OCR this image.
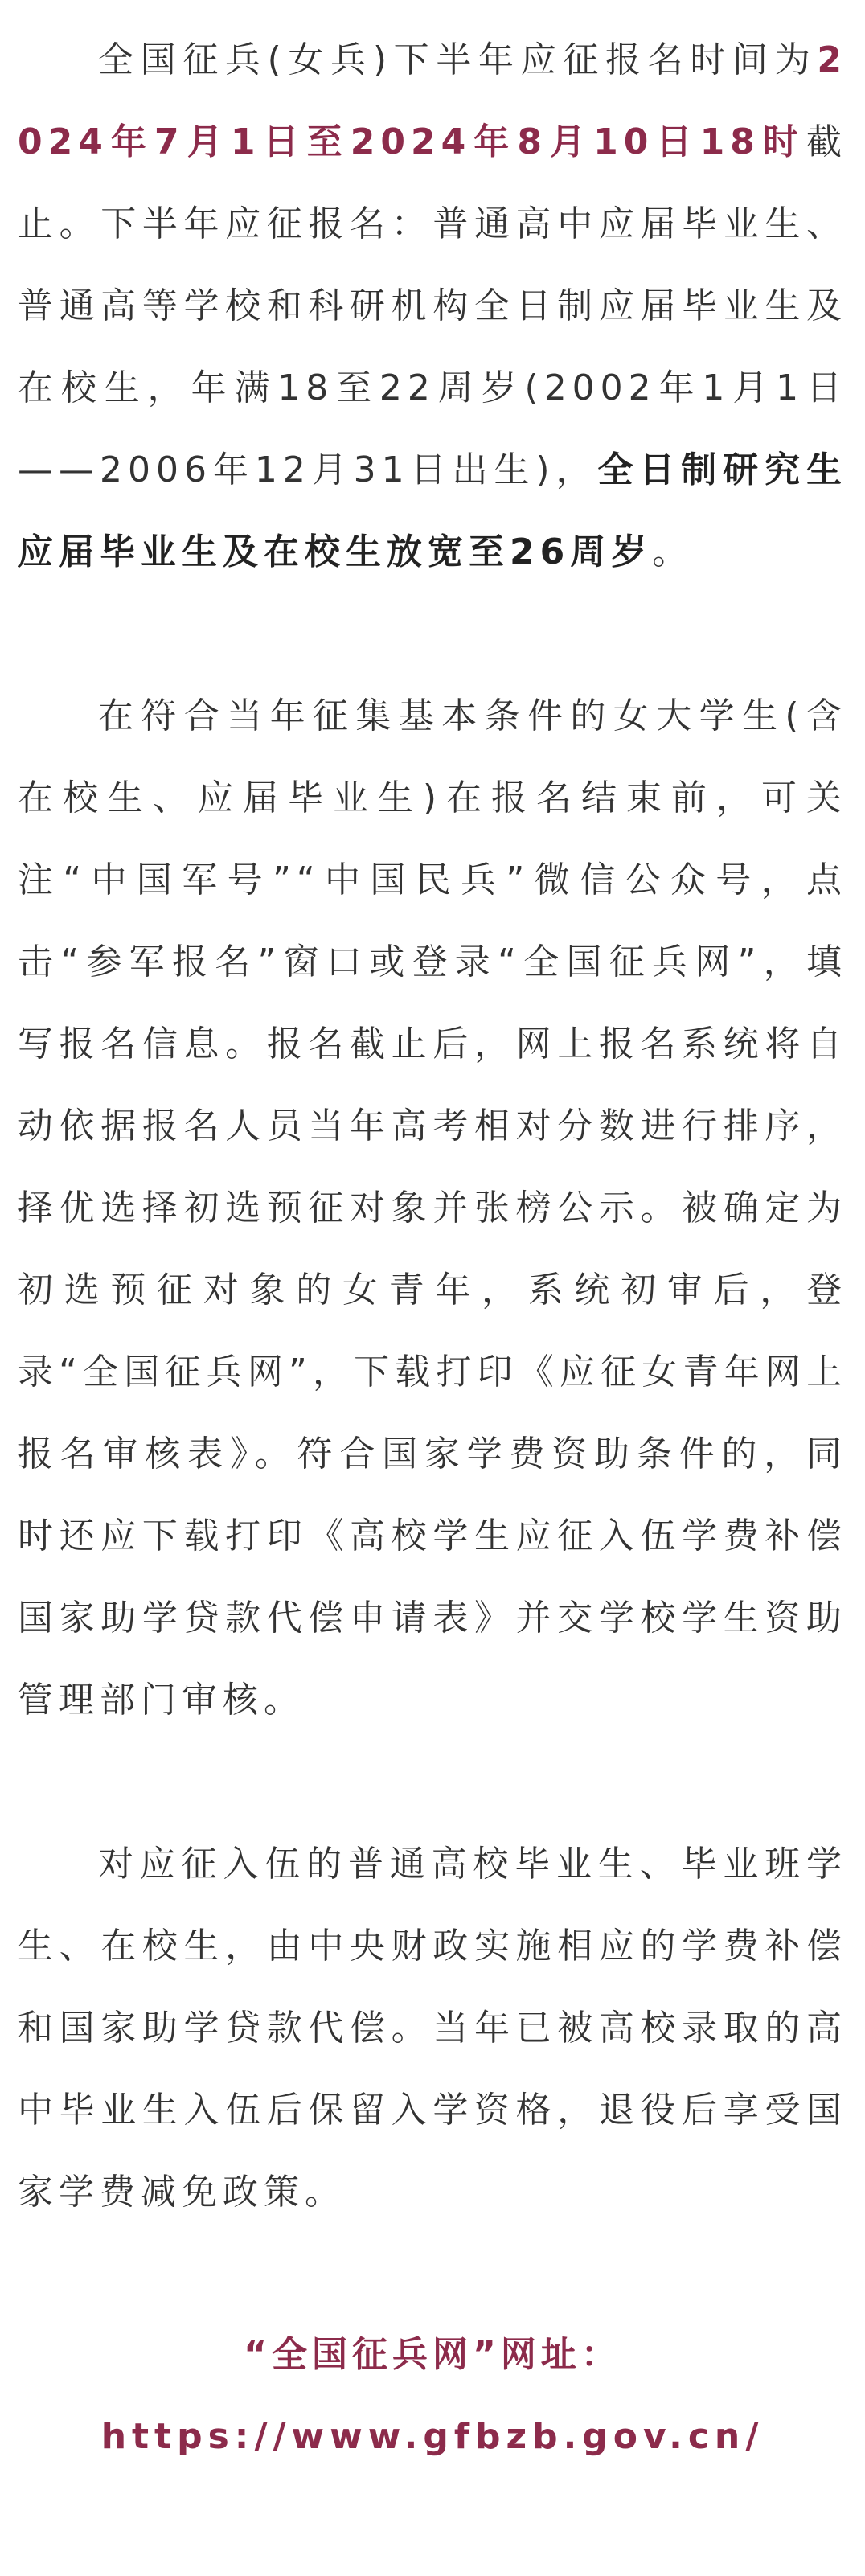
全国征兵(女兵)下半年应征报名时间为2024年7月1日至2024年8月10日18时截止。下半年应征报名：普通高中应届毕业生、普通高等学校和科研机构全日制应届毕业生及在校生，年满18至22周岁(2002年1月1日——2006年12月31日出生)，全日制研究生应届毕业生及在校生放宽至26周岁。

在符合当年征集基本条件的女大学生(含在校生、应届毕业生)在报名结束前，可关注“中国军号”“中国民兵”微信公众号，点击“参军报名”窗口或登录“全国征兵网”，填写报名信息。报名截止后，网上报名系统将自动依据报名人员当年高考相对分数进行排序，择优选择初选预征对象并张榜公示。被确定为初选预征对象的女青年，系统初审后，登录“全国征兵网”，下载打印《应征女青年网上报名审核表》。符合国家学费资助条件的，同时还应下载打印《高校学生应征入伍学费补偿国家助学贷款代偿申请表》并交学校学生资助管理部门审核。

对应征入伍的普通高校毕业生、毕业班学生、在校生，由中央财政实施相应的学费补偿和国家助学贷款代偿。当年已被高校录取的高中毕业生入伍后保留入学资格，退役后享受国家学费减免政策。

“全国征兵网”网址：
https://www.gfbzb.gov.cn/
